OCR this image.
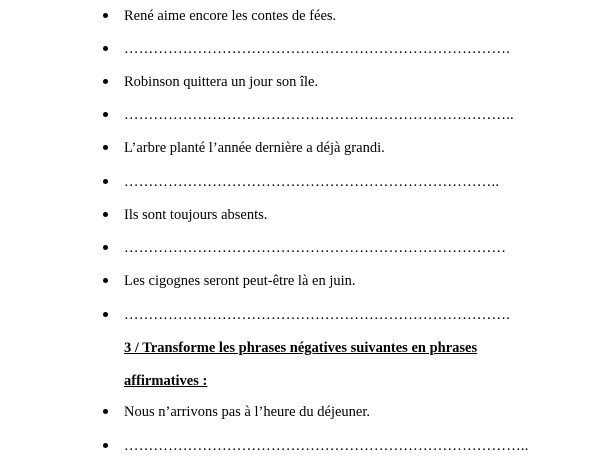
René aime encore les contes de fées.
…………………………………………………………………….
Robinson quittera un jour son île.
……………………………………………………………………..
L’arbre planté l’année dernière a déjà grandi.
…………………………………………………………………..
Ils sont toujours absents.
……………………………………………………………………
Les cigognes seront peut-être là en juin.
…………………………………………………………………….
3 / Transforme les phrases négatives suivantes en phrases
affirmatives :
Nous n’arrivons pas à l’heure du déjeuner.
………………………………………………………………………..
